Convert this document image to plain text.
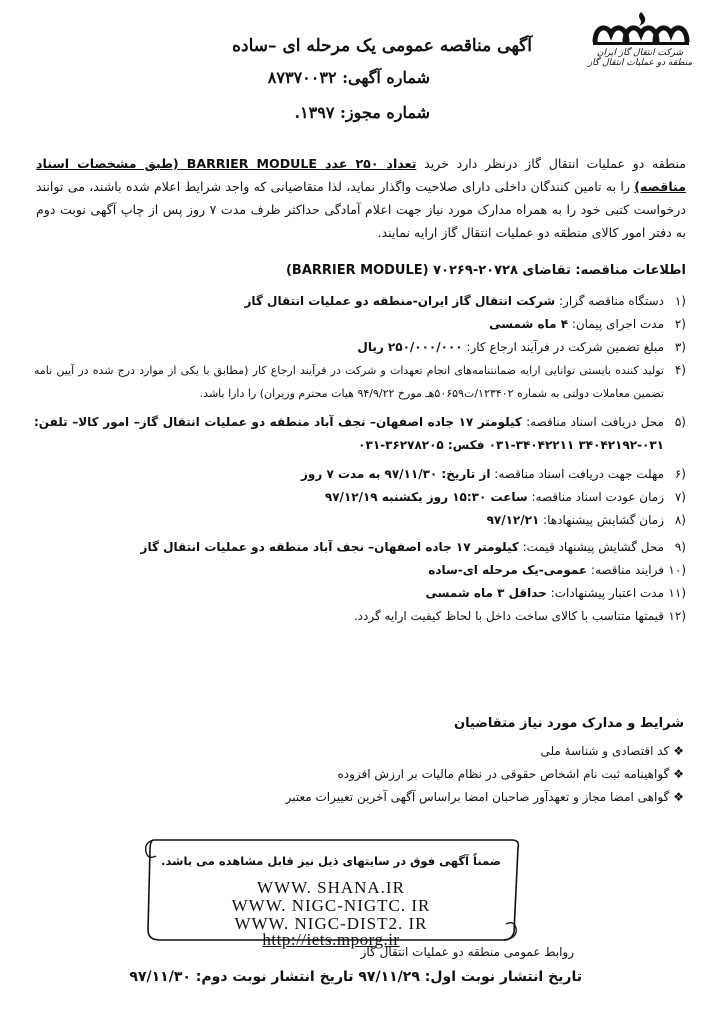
شرکت انتقال گاز ایران
منطقه دو عملیات انتقال گاز
آگهی مناقصه عمومی یک مرحله ای –ساده
شماره آگهی: ۸۷۳۷۰۰۳۲
شماره مجوز: ۱۳۹۷.
منطقه دو عملیات انتقال گاز درنظر دارد خرید تعداد ۲۵۰ عدد BARRIER MODULE (طبق مشخصات اسناد مناقصه) را به تامین کنندگان داخلی دارای صلاحیت واگذار نماید، لذا متقاضیانی که واجد شرایط اعلام شده باشند، می توانند درخواست کتبی خود را به همراه مدارک مورد نیاز جهت اعلام آمادگی حداکثر ظرف مدت ۷ روز پس از چاپ آگهی نوبت دوم به دفتر امور کالای منطقه دو عملیات انتقال گاز ارایه نمایند.
اطلاعات مناقصه: تقاضای ۲۰۷۲۸-۷۰۲۶۹ (BARRIER MODULE)
۱)
دستگاه مناقصه گزار: شرکت انتقال گاز ایران-منطقه دو عملیات انتقال گاز
۲)
مدت اجرای پیمان: ۴ ماه شمسی
۳)
مبلغ تضمین شرکت در فرآیند ارجاع کار: ۲۵۰/۰۰۰/۰۰۰ ریال
۴)
تولید کننده بایستی توانایی ارایه ضمانتنامه‌های انجام تعهدات و شرکت در فرآیند ارجاع کار (مطابق با یکی از موارد درج شده در آیین نامه تضمین معاملات دولتی به شماره ۱۲۳۴۰۲/ت۵۰۶۵۹هـ مورخ ۹۴/۹/۲۲ هیات محترم وزیران) را دارا باشد.
۵)
محل دریافت اسناد مناقصه: کیلومتر ۱۷ جاده اصفهان– نجف آباد منطقه دو عملیات انتقال گاز– امور کالا– تلفن: ۰۳۱-۳۴۰۴۲۱۹۲ ۳۴۰۴۲۲۱۱-۰۳۱ فکس: ۳۶۲۷۸۲۰۵-۰۳۱
۶)
مهلت جهت دریافت اسناد مناقصه: از تاریخ: ۹۷/۱۱/۳۰ به مدت ۷ روز
۷)
زمان عودت اسناد مناقصه: ساعت ۱۵:۳۰ روز یکشنبه ۹۷/۱۲/۱۹
۸)
زمان گشایش پیشنهادها: ۹۷/۱۲/۲۱
۹)
محل گشایش پیشنهاد قیمت: کیلومتر ۱۷ جاده اصفهان– نجف آباد منطقه دو عملیات انتقال گاز
۱۰)
فرایند مناقصه: عمومی-یک مرحله ای-ساده
۱۱)
مدت اعتبار پیشنهادات: حداقل ۳ ماه شمسی
۱۲)
قیمتها متناسب با کالای ساخت داخل با لحاظ کیفیت ارایه گردد.
شرایط و مدارک مورد نیاز متقاضیان
❖کد اقتصادی و شناسهٔ ملی
❖گواهینامه ثبت نام اشخاص حقوقی در نظام مالیات بر ارزش افزوده
❖گواهی امضا مجاز و تعهدآور صاحبان امضا براساس آگهی آخرین تغییرات معتبر
ضمناً آگهی فوق در سایتهای ذیل نیز قابل مشاهده می باشد.
WWW. SHANA.IR
WWW. NIGC-NIGTC. IR
WWW. NIGC-DIST2. IR
http://iets.mporg.ir
روابط عمومی منطقه دو عملیات انتقال گاز
تاریخ انتشار نوبت اول: ۹۷/۱۱/۲۹ تاریخ انتشار نوبت دوم: ۹۷/۱۱/۳۰
